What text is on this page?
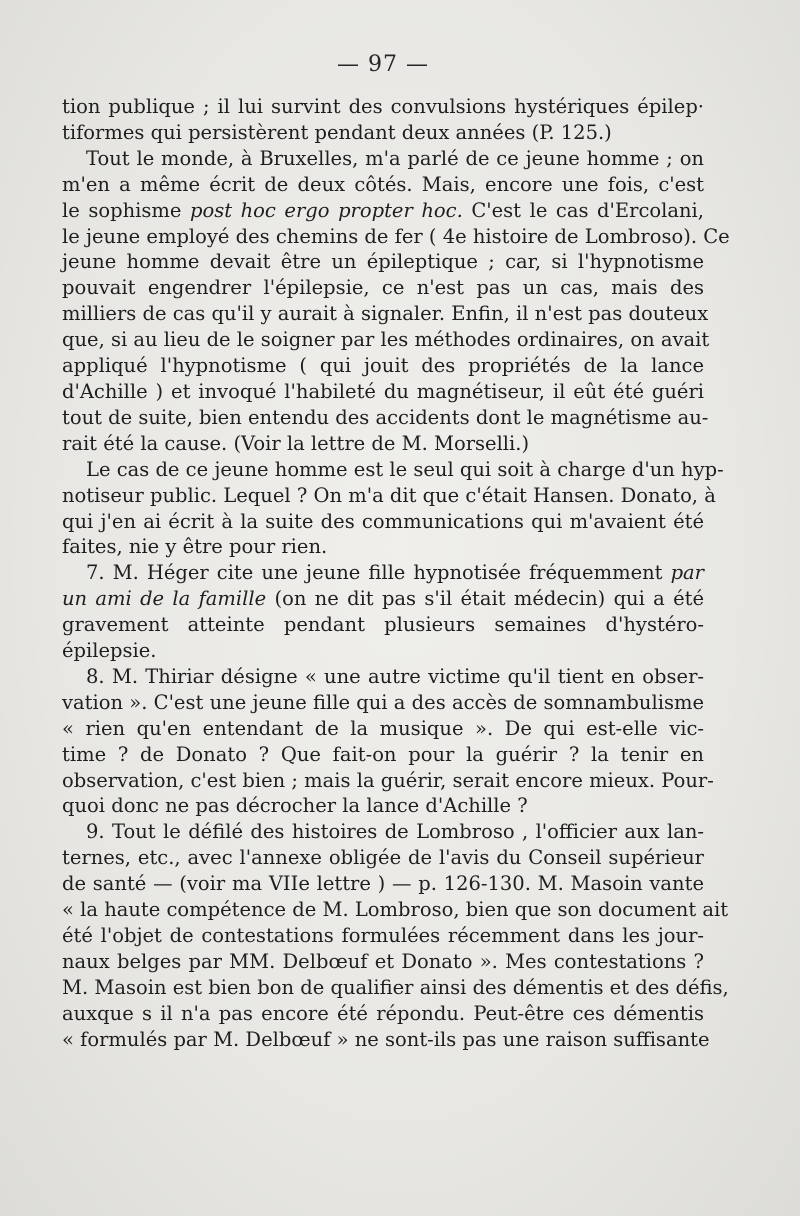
— 97 —
tion publique ; il lui survint des convulsions hystériques épilep·
tiformes qui persistèrent pendant deux années (P. 125.)
Tout le monde, à Bruxelles, m'a parlé de ce jeune homme ; on
m'en a même écrit de deux côtés. Mais, encore une fois, c'est
le sophisme post hoc ergo propter hoc. C'est le cas d'Ercolani,
le jeune employé des chemins de fer ( 4e histoire de Lombroso). Ce
jeune homme devait être un épileptique ; car, si l'hypnotisme
pouvait engendrer l'épilepsie, ce n'est pas un cas, mais des
milliers de cas qu'il y aurait à signaler. Enfin, il n'est pas douteux
que, si au lieu de le soigner par les méthodes ordinaires, on avait
appliqué l'hypnotisme ( qui jouit des propriétés de la lance
d'Achille ) et invoqué l'habileté du magnétiseur, il eût été guéri
tout de suite, bien entendu des accidents dont le magnétisme au-
rait été la cause. (Voir la lettre de M. Morselli.)
Le cas de ce jeune homme est le seul qui soit à charge d'un hyp-
notiseur public. Lequel ? On m'a dit que c'était Hansen. Donato, à
qui j'en ai écrit à la suite des communications qui m'avaient été
faites, nie y être pour rien.
7. M. Héger cite une jeune fille hypnotisée fréquemment par
un ami de la famille (on ne dit pas s'il était médecin) qui a été
gravement atteinte pendant plusieurs semaines d'hystéro-
épilepsie.
8. M. Thiriar désigne « une autre victime qu'il tient en obser-
vation ». C'est une jeune fille qui a des accès de somnambulisme
« rien qu'en entendant de la musique ». De qui est-elle vic-
time ? de Donato ? Que fait-on pour la guérir ? la tenir en
observation, c'est bien ; mais la guérir, serait encore mieux. Pour-
quoi donc ne pas décrocher la lance d'Achille ?
9. Tout le défilé des histoires de Lombroso , l'officier aux lan-
ternes, etc., avec l'annexe obligée de l'avis du Conseil supérieur
de santé — (voir ma VIIe lettre ) — p. 126-130. M. Masoin vante
« la haute compétence de M. Lombroso, bien que son document ait
été l'objet de contestations formulées récemment dans les jour-
naux belges par MM. Delbœuf et Donato ». Mes contestations ?
M. Masoin est bien bon de qualifier ainsi des démentis et des défis,
auxque s il n'a pas encore été répondu. Peut-être ces démentis
« formulés par M. Delbœuf » ne sont-ils pas une raison suffisante
